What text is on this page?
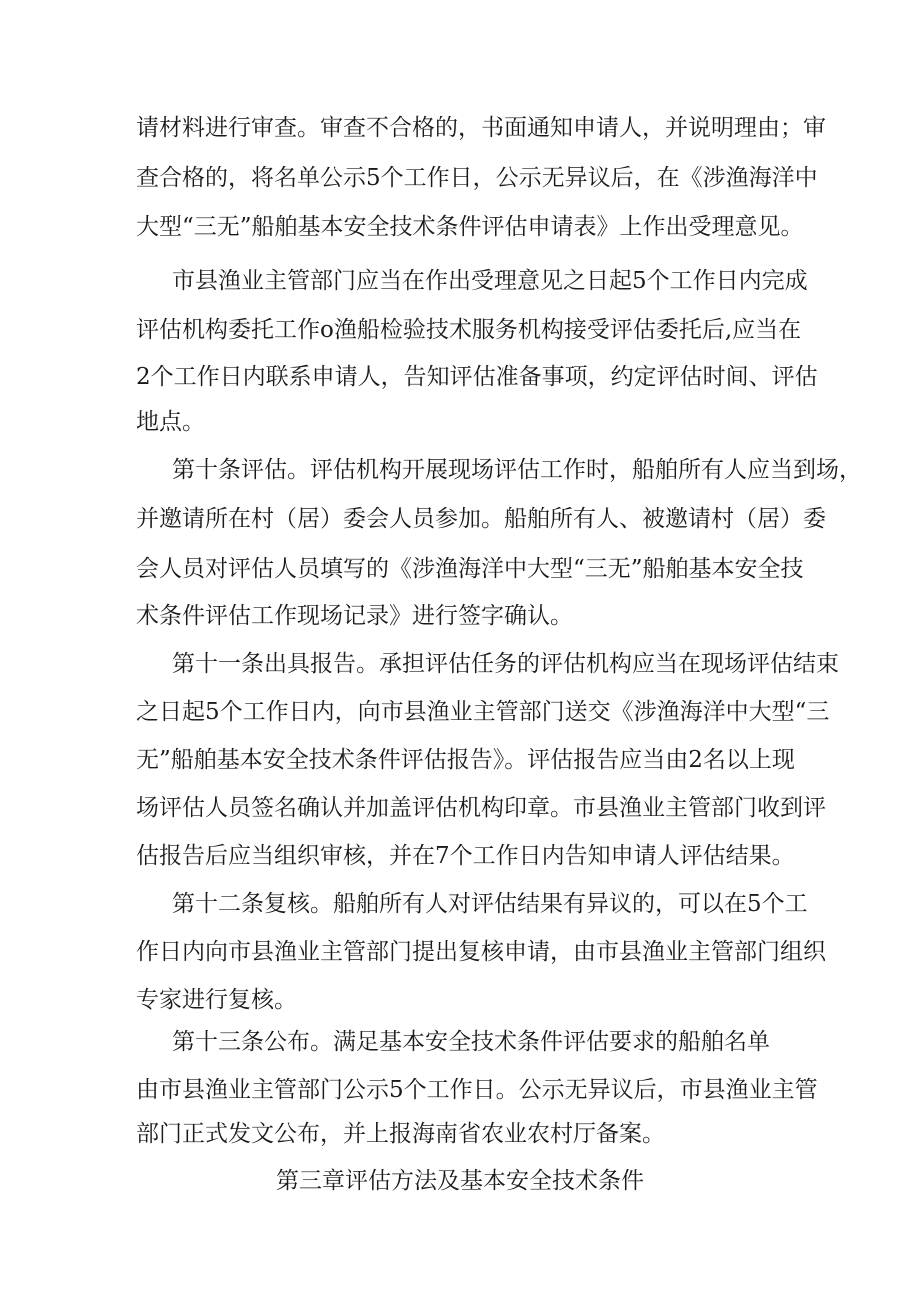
请材料进行审查。审查不合格的，书面通知申请人，并说明理由；审
查合格的，将名单公示5个工作日，公示无异议后，在《涉渔海洋中
大型“三无”船舶基本安全技术条件评估申请表》上作出受理意见。
市县渔业主管部门应当在作出受理意见之日起5个工作日内完成
评估机构委托工作o渔船检验技术服务机构接受评估委托后,应当在
2个工作日内联系申请人，告知评估准备事项，约定评估时间、评估
地点。
第十条评估。评估机构开展现场评估工作时，船舶所有人应当到场，
并邀请所在村（居）委会人员参加。船舶所有人、被邀请村（居）委
会人员对评估人员填写的《涉渔海洋中大型“三无”船舶基本安全技
术条件评估工作现场记录》进行签字确认。
第十一条出具报告。承担评估任务的评估机构应当在现场评估结束
之日起5个工作日内，向市县渔业主管部门送交《涉渔海洋中大型“三
无”船舶基本安全技术条件评估报告》。评估报告应当由2名以上现
场评估人员签名确认并加盖评估机构印章。市县渔业主管部门收到评
估报告后应当组织审核，并在7个工作日内告知申请人评估结果。
第十二条复核。船舶所有人对评估结果有异议的，可以在5个工
作日内向市县渔业主管部门提出复核申请，由市县渔业主管部门组织
专家进行复核。
第十三条公布。满足基本安全技术条件评估要求的船舶名单
由市县渔业主管部门公示5个工作日。公示无异议后，市县渔业主管
部门正式发文公布，并上报海南省农业农村厅备案。
第三章评估方法及基本安全技术条件
